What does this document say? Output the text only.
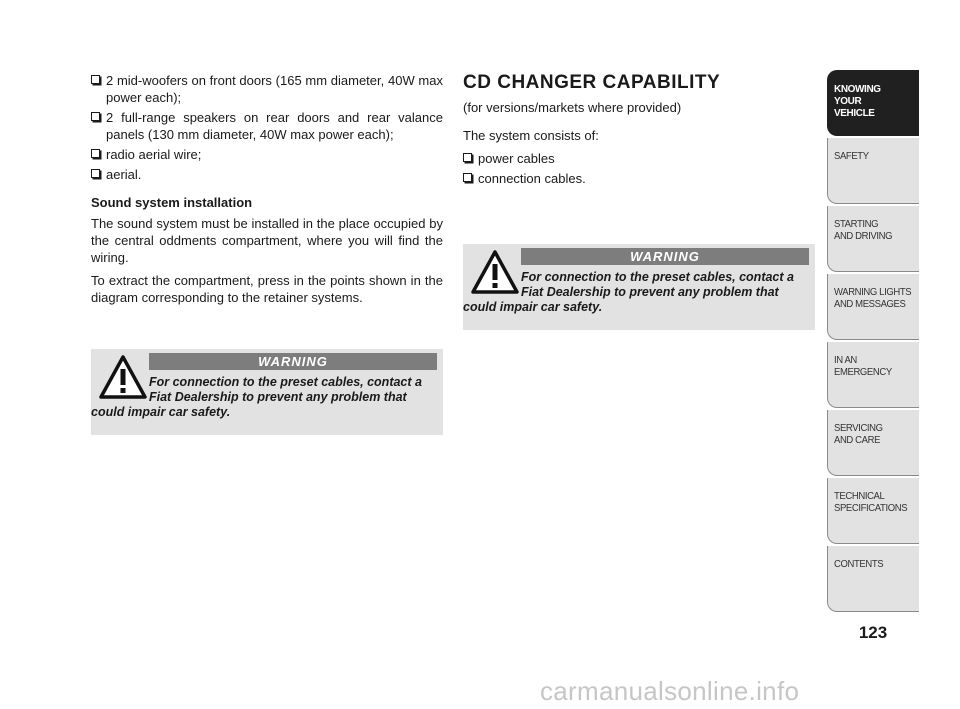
2 mid-woofers on front doors (165 mm diameter, 40W max power each);
2 full-range speakers on rear doors and rear valance panels (130 mm diameter, 40W max power each);
radio aerial wire;
aerial.
Sound system installation

The sound system must be installed in the place occupied by the central oddments compartment, where you will find the wiring.

To extract the compartment, press in the points shown in the diagram corresponding to the retainer systems.

WARNING
For connection to the preset cables, contact a Fiat Dealership to prevent any problem that could impair car safety.
CD CHANGER CAPABILITY

(for versions/markets where provided)

The system consists of:

power cables
connection cables.
WARNING
For connection to the preset cables, contact a Fiat Dealership to prevent any problem that could impair car safety.
KNOWING
YOUR
VEHICLE
SAFETY
STARTING
AND DRIVING
WARNING LIGHTS
AND MESSAGES
IN AN
EMERGENCY
SERVICING
AND CARE
TECHNICAL
SPECIFICATIONS
CONTENTS
123
carmanualsonline.info
